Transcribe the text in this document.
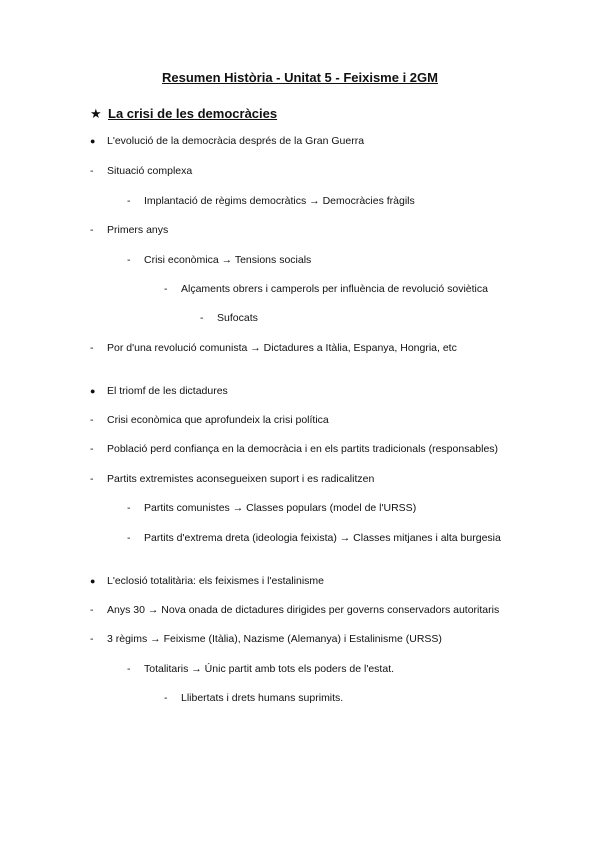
Resumen Història - Unitat 5 - Feixisme i 2GM
★ La crisi de les democràcies
● L'evolució de la democràcia després de la Gran Guerra
- Situació complexa
- Implantació de règims democràtics → Democràcies fràgils
- Primers anys
- Crisi econòmica → Tensions socials
- Alçaments obrers i camperols per influència de revolució soviètica
- Sufocats
- Por d'una revolució comunista → Dictadures a Itàlia, Espanya, Hongria, etc
● El triomf de les dictadures
- Crisi econòmica que aprofundeix la crisi política
- Població perd confiança en la democràcia i en els partits tradicionals (responsables)
- Partits extremistes aconsegueixen suport i es radicalitzen
- Partits comunistes → Classes populars (model de l'URSS)
- Partits d'extrema dreta (ideologia feixista) → Classes mitjanes i alta burgesia
● L'eclosió totalitària: els feixismes i l'estalinisme
- Anys 30 → Nova onada de dictadures dirigides per governs conservadors autoritaris
- 3 règims → Feixisme (Itàlia), Nazisme (Alemanya) i Estalinisme (URSS)
- Totalitaris → Únic partit amb tots els poders de l'estat.
- Llibertats i drets humans suprimits.
